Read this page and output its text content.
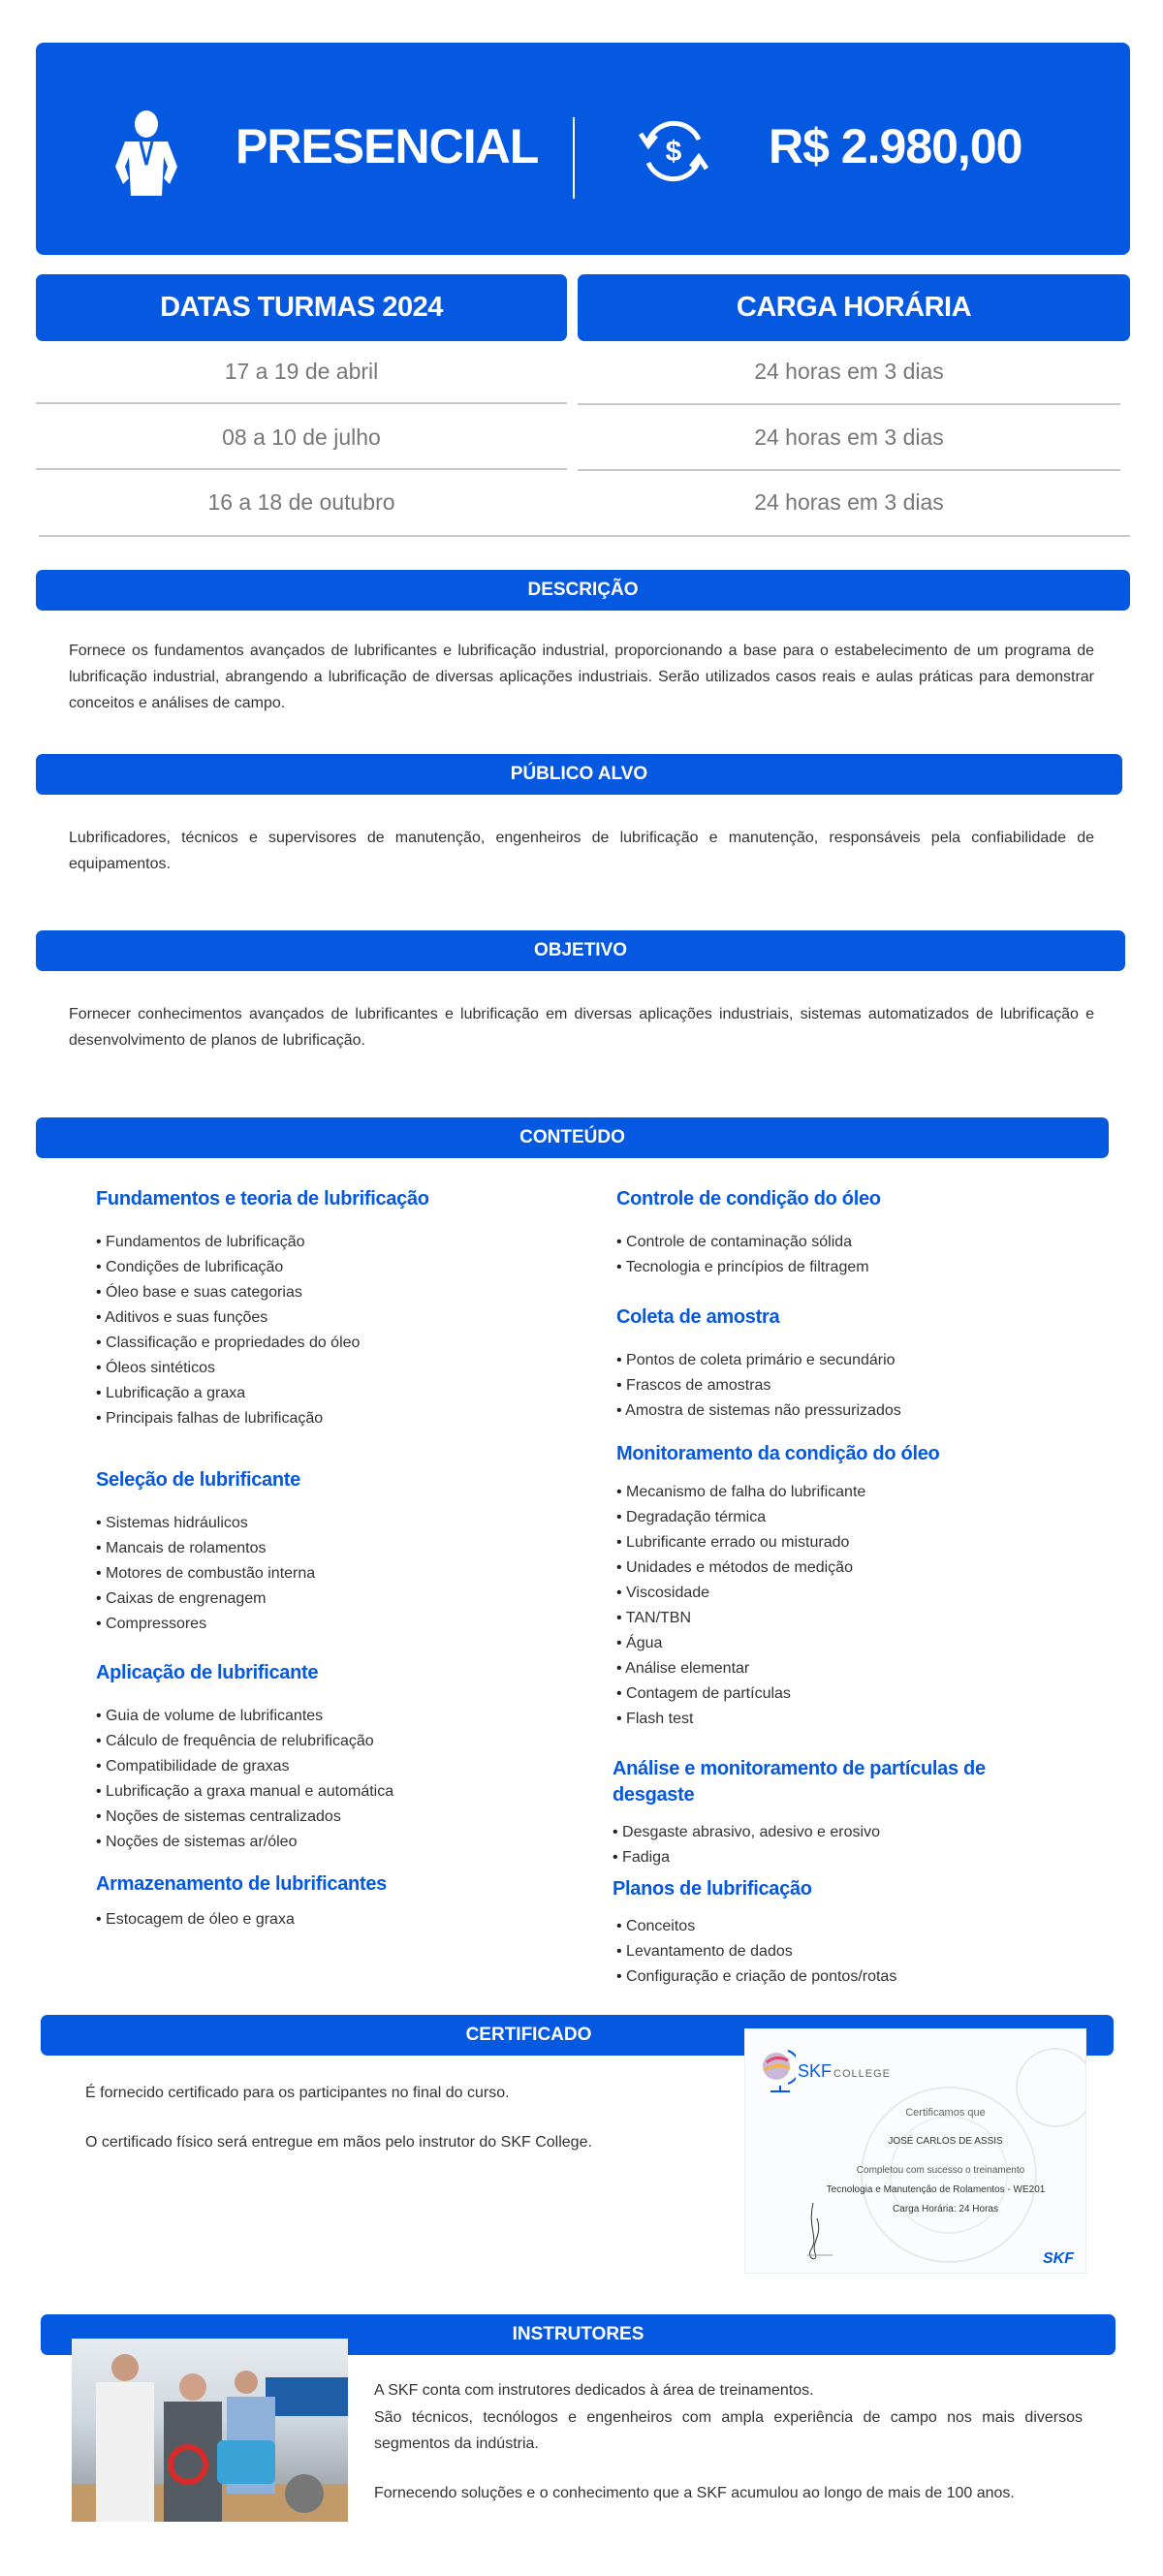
PRESENCIAL	$ R$ 2.980,00
DATAS TURMAS 2024	CARGA HORÁRIA
17 a 19 de abril	24 horas em 3 dias
08 a 10 de julho	24 horas em 3 dias
16 a 18 de outubro	24 horas em 3 dias
DESCRIÇÃO

Fornece os fundamentos avançados de lubrificantes e lubrificação industrial, proporcionando a base para o estabelecimento de um programa de lubrificação industrial, abrangendo a lubrificação de diversas aplicações industriais. Serão utilizados casos reais e aulas práticas para demonstrar conceitos e análises de campo.

PÚBLICO ALVO

Lubrificadores, técnicos e supervisores de manutenção, engenheiros de lubrificação e manutenção, responsáveis pela confiabilidade de equipamentos.

OBJETIVO

Fornecer conhecimentos avançados de lubrificantes e lubrificação em diversas aplicações industriais, sistemas automatizados de lubrificação e desenvolvimento de planos de lubrificação.

CONTEÚDO
Fundamentos e teoria de lubrificação
• Fundamentos de lubrificação
• Condições de lubrificação
• Óleo base e suas categorias
• Aditivos e suas funções
• Classificação e propriedades do óleo
• Óleos sintéticos
• Lubrificação a graxa
• Principais falhas de lubrificação
Seleção de lubrificante
• Sistemas hidráulicos
• Mancais de rolamentos
• Motores de combustão interna
• Caixas de engrenagem
• Compressores
Aplicação de lubrificante
• Guia de volume de lubrificantes
• Cálculo de frequência de relubrificação
• Compatibilidade de graxas
• Lubrificação a graxa manual e automática
• Noções de sistemas centralizados
• Noções de sistemas ar/óleo
Armazenamento de lubrificantes
• Estocagem de óleo e graxa
Controle de condição do óleo
• Controle de contaminação sólida
• Tecnologia e princípios de filtragem
Coleta de amostra
• Pontos de coleta primário e secundário
• Frascos de amostras
• Amostra de sistemas não pressurizados
Monitoramento da condição do óleo
• Mecanismo de falha do lubrificante
• Degradação térmica
• Lubrificante errado ou misturado
• Unidades e métodos de medição
• Viscosidade
• TAN/TBN
• Água
• Análise elementar
• Contagem de partículas
• Flash test
Análise e monitoramento de partículas de desgaste
• Desgaste abrasivo, adesivo e erosivo
• Fadiga
Planos de lubrificação
• Conceitos
• Levantamento de dados
• Configuração e criação de pontos/rotas
CERTIFICADO

É fornecido certificado para os participantes no final do curso.

O certificado físico será entregue em mãos pelo instrutor do SKF College.

SKF COLLEGE
Certificamos que
JOSÉ CARLOS DE ASSIS
Completou com sucesso o treinamento
Tecnologia e Manutenção de Rolamentos - WE201
Carga Horária: 24 Horas
SKF
INSTRUTORES

A SKF conta com instrutores dedicados à área de treinamentos.

São técnicos, tecnólogos e engenheiros com ampla experiência de campo nos mais diversos segmentos da indústria.

Fornecendo soluções e o conhecimento que a SKF acumulou ao longo de mais de 100 anos.
